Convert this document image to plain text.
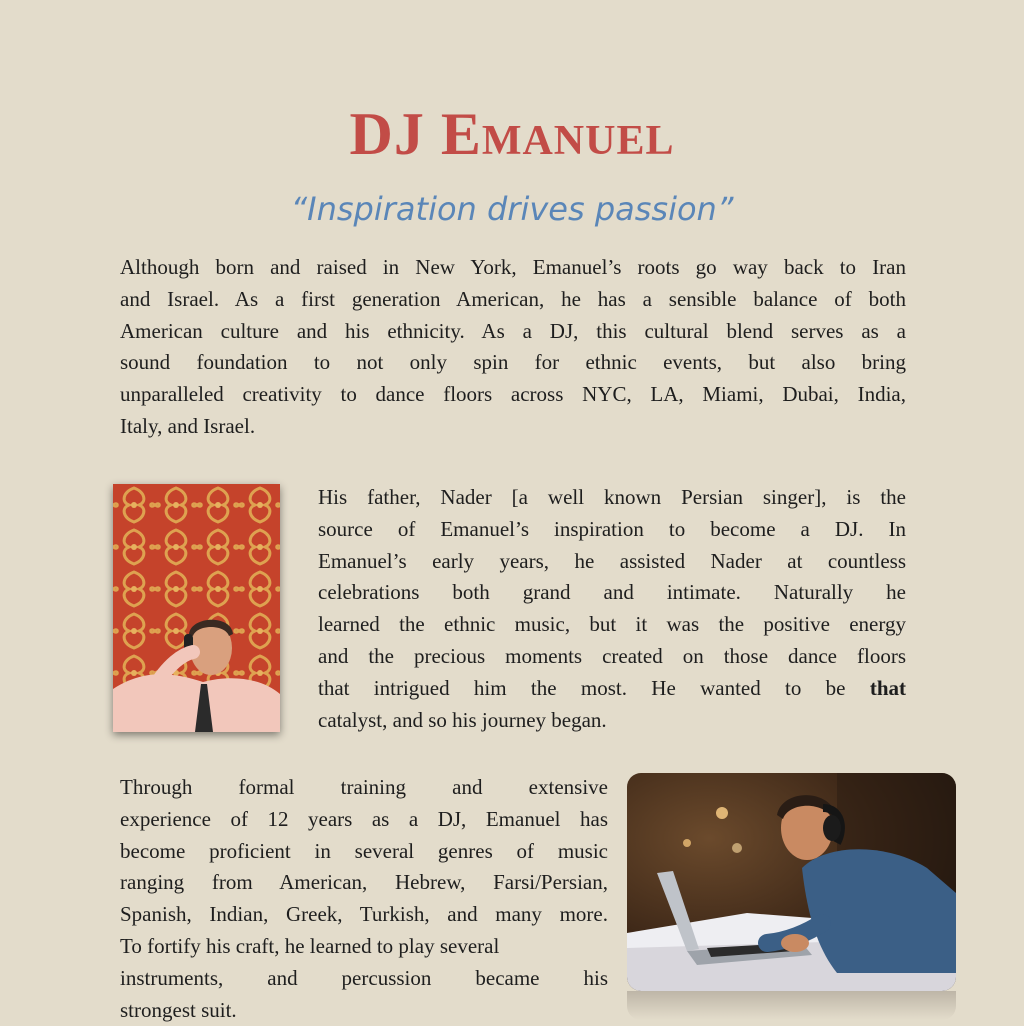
DJ Emanuel

“Inspiration drives passion”

Although born and raised in New York, Emanuel’s roots go way back to Iran
and Israel. As a first generation American, he has a sensible balance of both
American culture and his ethnicity. As a DJ, this cultural blend serves as a
sound foundation to not only spin for ethnic events, but also bring
unparalleled creativity to dance floors across NYC, LA, Miami, Dubai, India,
Italy, and Israel.
His father, Nader [a well known Persian singer], is the
source of Emanuel’s inspiration to become a DJ. In
Emanuel’s early years, he assisted Nader at countless
celebrations both grand and intimate. Naturally he
learned the ethnic music, but it was the positive energy
and the precious moments created on those dance floors
that intrigued him the most. He wanted to be that
catalyst, and so his journey began.
Through formal training and extensive
experience of 12 years as a DJ, Emanuel has
become proficient in several genres of music
ranging from American, Hebrew, Farsi/Persian,
Spanish, Indian, Greek, Turkish, and many more.
To fortify his craft, he learned to play several
instruments, and percussion became his
strongest suit.
